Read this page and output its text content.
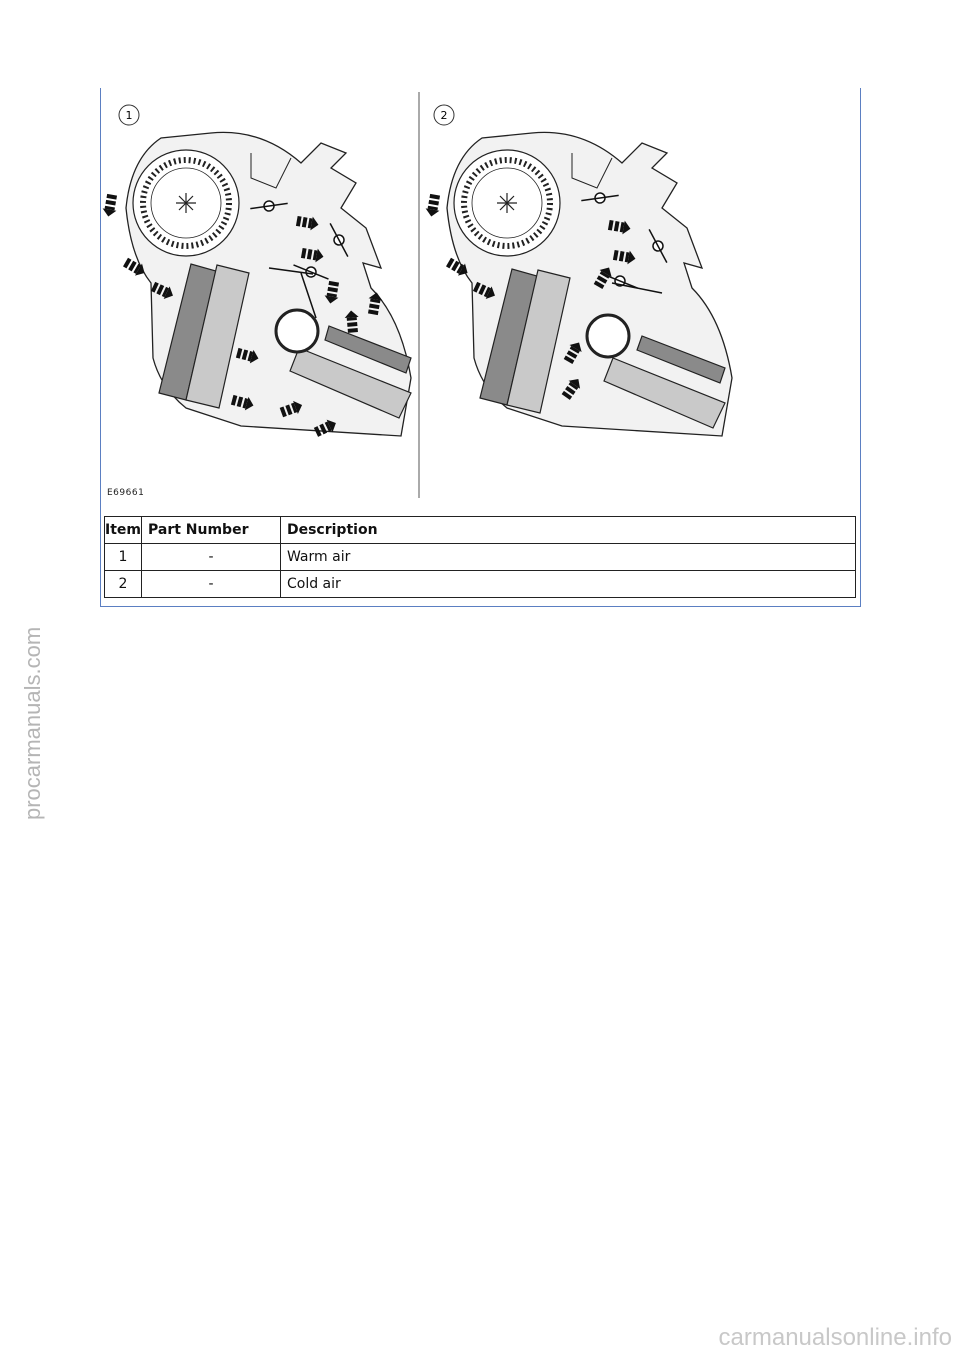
procarmanuals.com
1	2
E69661
Item	Part Number	Description
1	-	Warm air
2	-	Cold air
carmanualsonline.info
